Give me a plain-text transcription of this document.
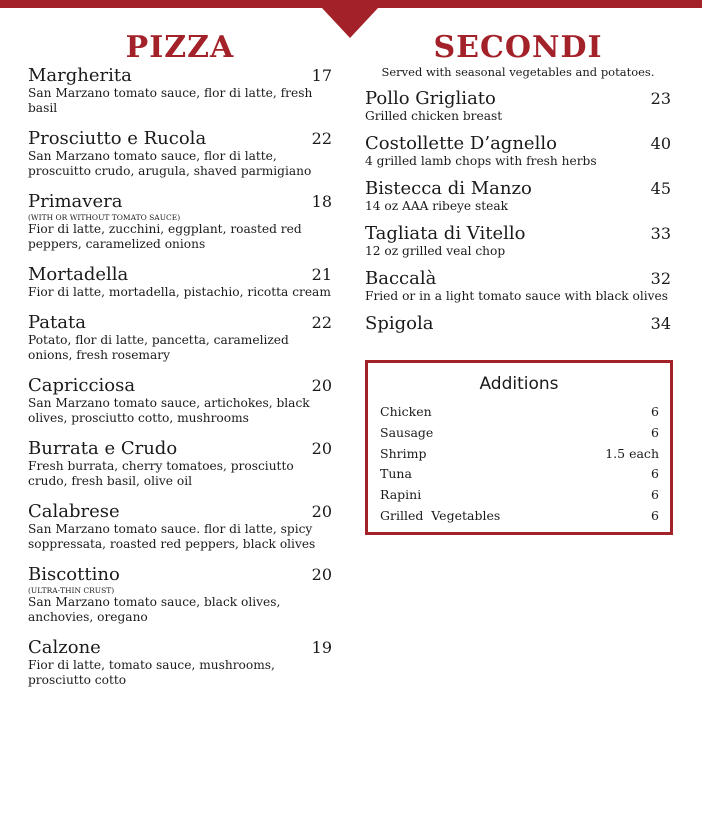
PIZZA
Margherita	17
San Marzano tomato sauce, flor di latte, fresh basil
Prosciutto e Rucola	22
San Marzano tomato sauce, flor di latte, proscuitto crudo, arugula, shaved parmigiano
Primavera	18
(WITH OR WITHOUT TOMATO SAUCE)
Fior di latte, zucchini, eggplant, roasted red peppers, caramelized onions
Mortadella	21
Fior di latte, mortadella, pistachio, ricotta cream
Patata	22
Potato, flor di latte, pancetta, caramelized onions, fresh rosemary
Capricciosa	20
San Marzano tomato sauce, artichokes, black olives, prosciutto cotto, mushrooms
Burrata e Crudo	20
Fresh burrata, cherry tomatoes, prosciutto crudo, fresh basil, olive oil
Calabrese	20
San Marzano tomato sauce. flor di latte, spicy soppressata, roasted red peppers, black olives
Biscottino	20
(ULTRA-THIN CRUST)
San Marzano tomato sauce, black olives, anchovies, oregano
Calzone	19
Fior di latte, tomato sauce, mushrooms, prosciutto cotto
SECONDI
Served with seasonal vegetables and potatoes.
Pollo Grigliato	23
Grilled chicken breast
Costollette D’agnello	40
4 grilled lamb chops with fresh herbs
Bistecca di Manzo	45
14 oz AAA ribeye steak
Tagliata di Vitello	33
12 oz grilled veal chop
Baccalà	32
Fried or in a light tomato sauce with black olives
Spigola	34
Additions
Chicken	6
Sausage	6
Shrimp	1.5 each
Tuna	6
Rapini	6
Grilled  Vegetables	6
